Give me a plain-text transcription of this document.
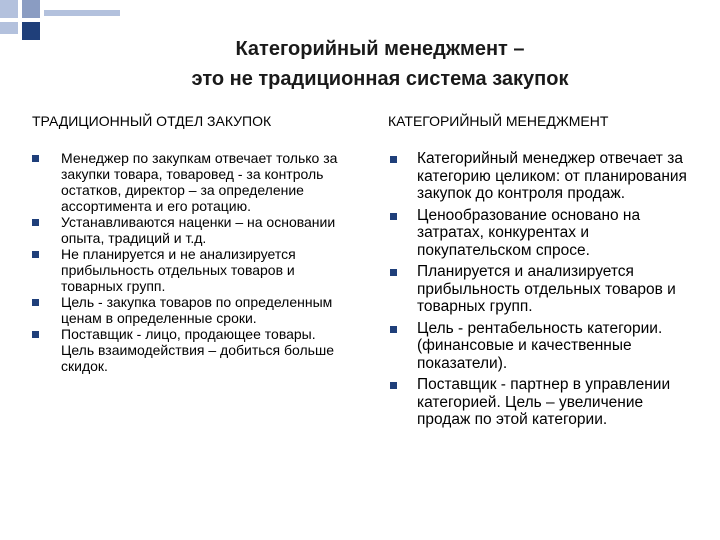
Категорийный менеджмент –
это не традиционная система закупок
ТРАДИЦИОННЫЙ ОТДЕЛ ЗАКУПОК	КАТЕГОРИЙНЫЙ МЕНЕДЖМЕНТ
Менеджер по закупкам отвечает только за закупки товара, товаровед - за контроль остатков, директор – за определение ассортимента и его ротацию.
Устанавливаются наценки – на основании опыта, традиций и т.д.
Не планируется и не анализируется прибыльность отдельных товаров и товарных групп.
Цель - закупка товаров по определенным ценам в определенные сроки.
Поставщик - лицо, продающее товары. Цель взаимодействия – добиться больше скидок.
Категорийный менеджер отвечает за категорию целиком: от планирования закупок до контроля продаж.
Ценообразование основано на затратах, конкурентах и покупательском спросе.
Планируется и анализируется прибыльность отдельных товаров и товарных групп.
Цель - рентабельность категории. (финансовые и качественные показатели).
Поставщик - партнер в управлении категорией. Цель – увеличение продаж по этой категории.
